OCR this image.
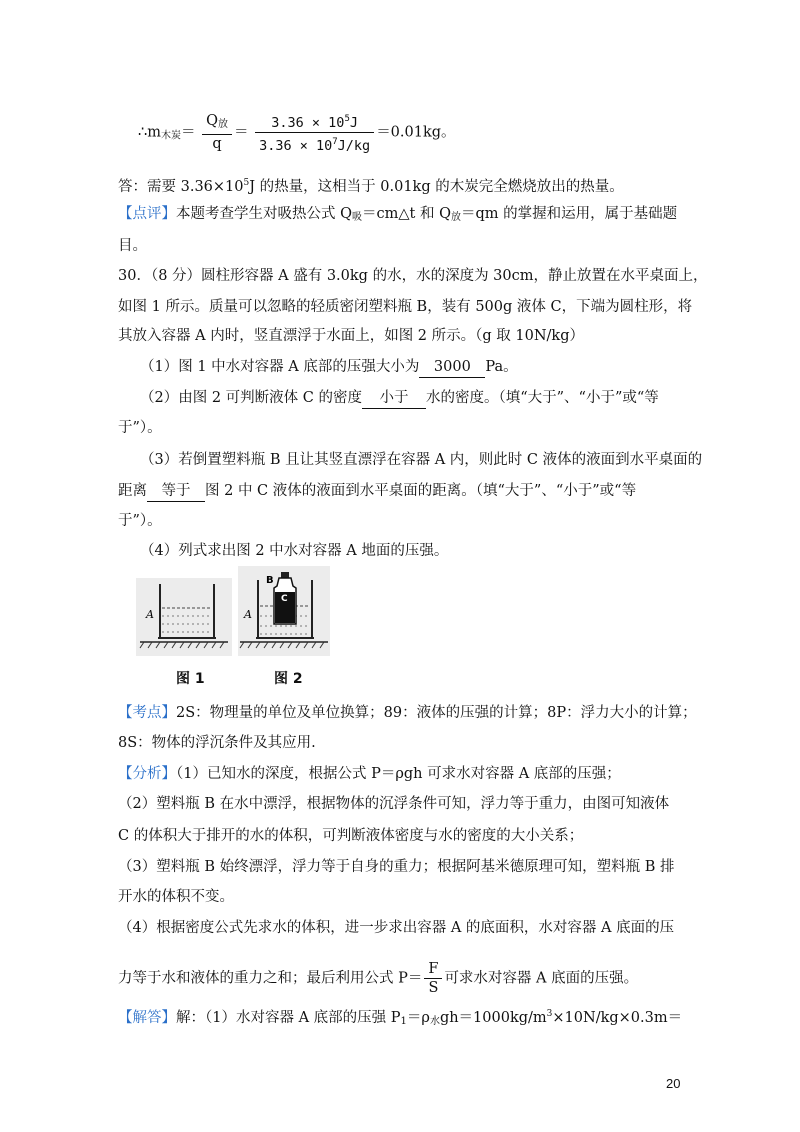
$\therefore m_{木炭}= \frac{Q_放}{q} = \frac{3.36 \times 10^5J}{3.36 \times 10^7J/kg} =0.01kg$。
答：需要 $3.36\times 10^5J$ 的热量，这相当于 0.01kg 的木炭完全燃烧放出的热量。
【点评】本题考查学生对吸热公式 $Q_吸=cm\triangle t$ 和 $Q_放=qm$ 的掌握和运用，属于基础题
目。
30．（8 分）圆柱形容器 A 盛有 3.0kg 的水，水的深度为 30cm，静止放置在水平桌面上，
如图 1 所示。质量可以忽略的轻质密闭塑料瓶 B，装有 500g 液体 C，下端为圆柱形，将
其放入容器 A 内时，竖直漂浮于水面上，如图 2 所示。（g 取 10N/kg）
（1）图 1 中水对容器 A 底部的压强大小为 3000 Pa。
（2）由图 2 可判断液体 C 的密度 小于 水的密度。（填“大于”、“小于”或“等
于”）。
（3）若倒置塑料瓶 B 且让其竖直漂浮在容器 A 内，则此时 C 液体的液面到水平桌面的
距离 等于 图 2 中 C 液体的液面到水平桌面的距离。（填“大于”、“小于”或“等
于”）。
（4）列式求出图 2 中水对容器 A 地面的压强。
A
B
C
A
图 1	图 2
【考点】2S：物理量的单位及单位换算；89：液体的压强的计算；8P：浮力大小的计算；
8S：物体的浮沉条件及其应用.
【分析】（1）已知水的深度，根据公式 P＝ρgh 可求水对容器 A 底部的压强；
（2）塑料瓶 B 在水中漂浮，根据物体的沉浮条件可知，浮力等于重力，由图可知液体
C 的体积大于排开的水的体积，可判断液体密度与水的密度的大小关系；
（3）塑料瓶 B 始终漂浮，浮力等于自身的重力；根据阿基米德原理可知，塑料瓶 B 排
开水的体积不变。
（4）根据密度公式先求水的体积，进一步求出容器 A 的底面积，水对容器 A 底面的压
力等于水和液体的重力之和；最后利用公式 $P= \frac{F}{S}$ 可求水对容器 A 底面的压强。
【解答】解：（1）水对容器 A 底部的压强 $P_1=\rho_水gh=1000kg/m^3\times 10N/kg\times 0.3m=$
20
